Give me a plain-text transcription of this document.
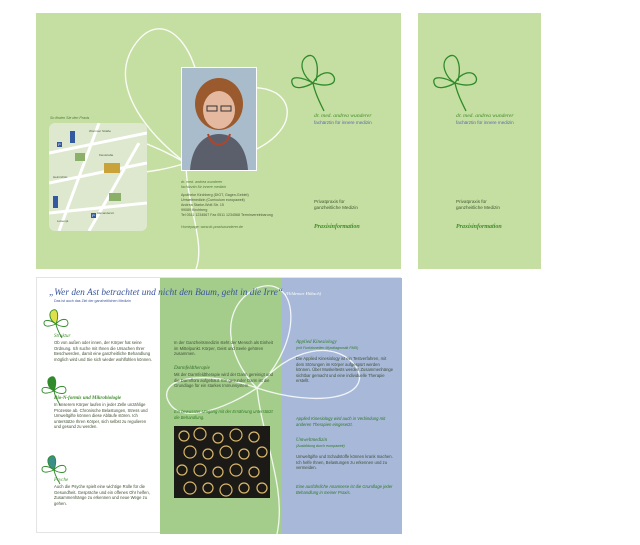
So finden Sie den Praxis
Wormser Straße
Kiesstraße
Heinrichstr.
Alexanderstr.
Luisenpl.
P
P
dr. med. andrea wunderer
fachärztin für innere medizin
Apotheke Kirchberg (DIGT, Gagen-Gebiet)
Umweltmedizin (Curriculum europaweit)
Andrea Starke-Wolf-Str. 15
99089 Kirchberg
Tel 0511 1234567 Fax 0511 1234568 Terminvereinbarung
Homepage: www.dr-praxiswunderer.de
dr. med. andrea wunderer
fachärztin für innere medizin
Privatpraxis für
ganzheitliche Medizin
Praxisinformation
dr. med. andrea wunderer
fachärztin für innere medizin
Privatpraxis für
ganzheitliche Medizin
Praxisinformation
„Wer den Ast betrachtet und nicht den Baum, geht in die Irre“ (Hildemar Hübsch)
Das ist auch das Ziel der ganzheitlichen Medizin
Struktur
Ob von außen oder innen, der Körper hat seine Ordnung. Ich suche mit Ihnen die Ursachen Ihrer Beschwerden, damit eine ganzheitliche Behandlung möglich wird und Sie sich wieder wohlfühlen können.
Bio-N-formis und Mikrobiologie
In unserem Körper laufen in jeder Zelle unzählige Prozesse ab. Chronische Belastungen, Stress und Umweltgifte können diese Abläufe stören. Ich unterstütze Ihren Körper, sich selbst zu regulieren und gesund zu werden.
Psyche
Auch die Psyche spielt eine wichtige Rolle für die Gesundheit. Gespräche und ein offenes Ohr helfen, Zusammenhänge zu erkennen und neue Wege zu gehen.
In der Ganzheitsmedizin steht der Mensch als Einheit im Mittelpunkt. Körper, Geist und Seele gehören zusammen.
Darmfeldtherapie
Mit der Darmfeldtherapie wird der Darm gereinigt und die Darmflora aufgebaut. Ein gesunder Darm ist die Grundlage für ein starkes Immunsystem.
Ein bewusster Umgang mit der Ernährung unterstützt die Behandlung.
Applied Kinesiology
(mit Funktionellen Myodiagnostik FMD)
Die Applied Kinesiology ist ein Testverfahren, mit dem Störungen im Körper aufgespürt werden können. Über Muskeltests werden Zusammenhänge sichtbar gemacht und eine individuelle Therapie erstellt.
Applied Kinesiology wird auch in Verbindung mit anderen Therapien eingesetzt.
Umweltmedizin
(Ausbildung durch europaweit)
Umweltgifte und Schadstoffe können krank machen. Ich helfe Ihnen, Belastungen zu erkennen und zu vermeiden.
Eine ausführliche Anamnese ist die Grundlage jeder Behandlung in meiner Praxis.
